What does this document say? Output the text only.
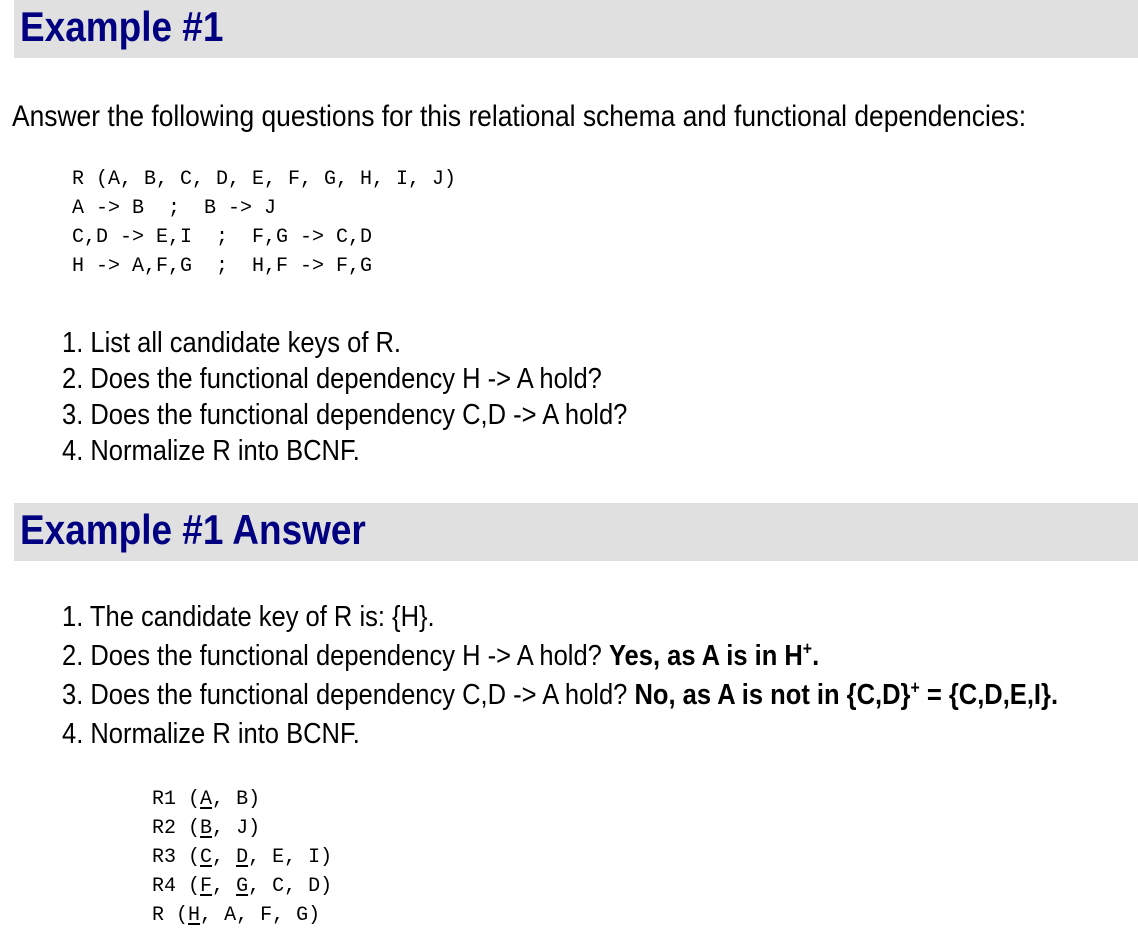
Example #1
Answer the following questions for this relational schema and functional dependencies:
R (A, B, C, D, E, F, G, H, I, J)
A -> B  ;  B -> J
C,D -> E,I  ;  F,G -> C,D
H -> A,F,G  ;  H,F -> F,G
1. List all candidate keys of R.
2. Does the functional dependency H -> A hold?
3. Does the functional dependency C,D -> A hold?
4. Normalize R into BCNF.
Example #1 Answer
1. The candidate key of R is: {H}.
2. Does the functional dependency H -> A hold? Yes, as A is in H+.
3. Does the functional dependency C,D -> A hold? No, as A is not in {C,D}+ = {C,D,E,I}.
4. Normalize R into BCNF.
R1 (A, B)
R2 (B, J)
R3 (C, D, E, I)
R4 (F, G, C, D)
R (H, A, F, G)
